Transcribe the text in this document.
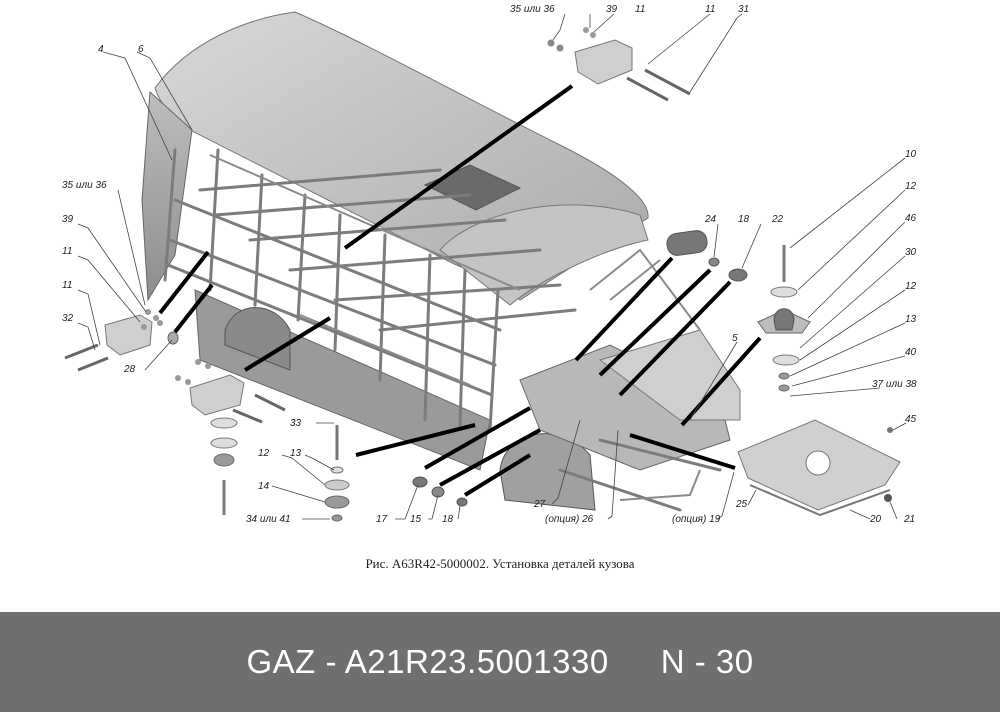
4	6
35 или 36	39 11	11 31
35 или 36
39
11
11
32
28
33
12 13
14
34 или 41	17 15 18
27
(опция) 26	(опция) 19
25
20 21
24 18 22
5
10
12
46
30
12
13
40
37 или 38
45
Рис. А63R42-5000002. Установка деталей кузова
GAZ - A21R23.5001330 N - 30
